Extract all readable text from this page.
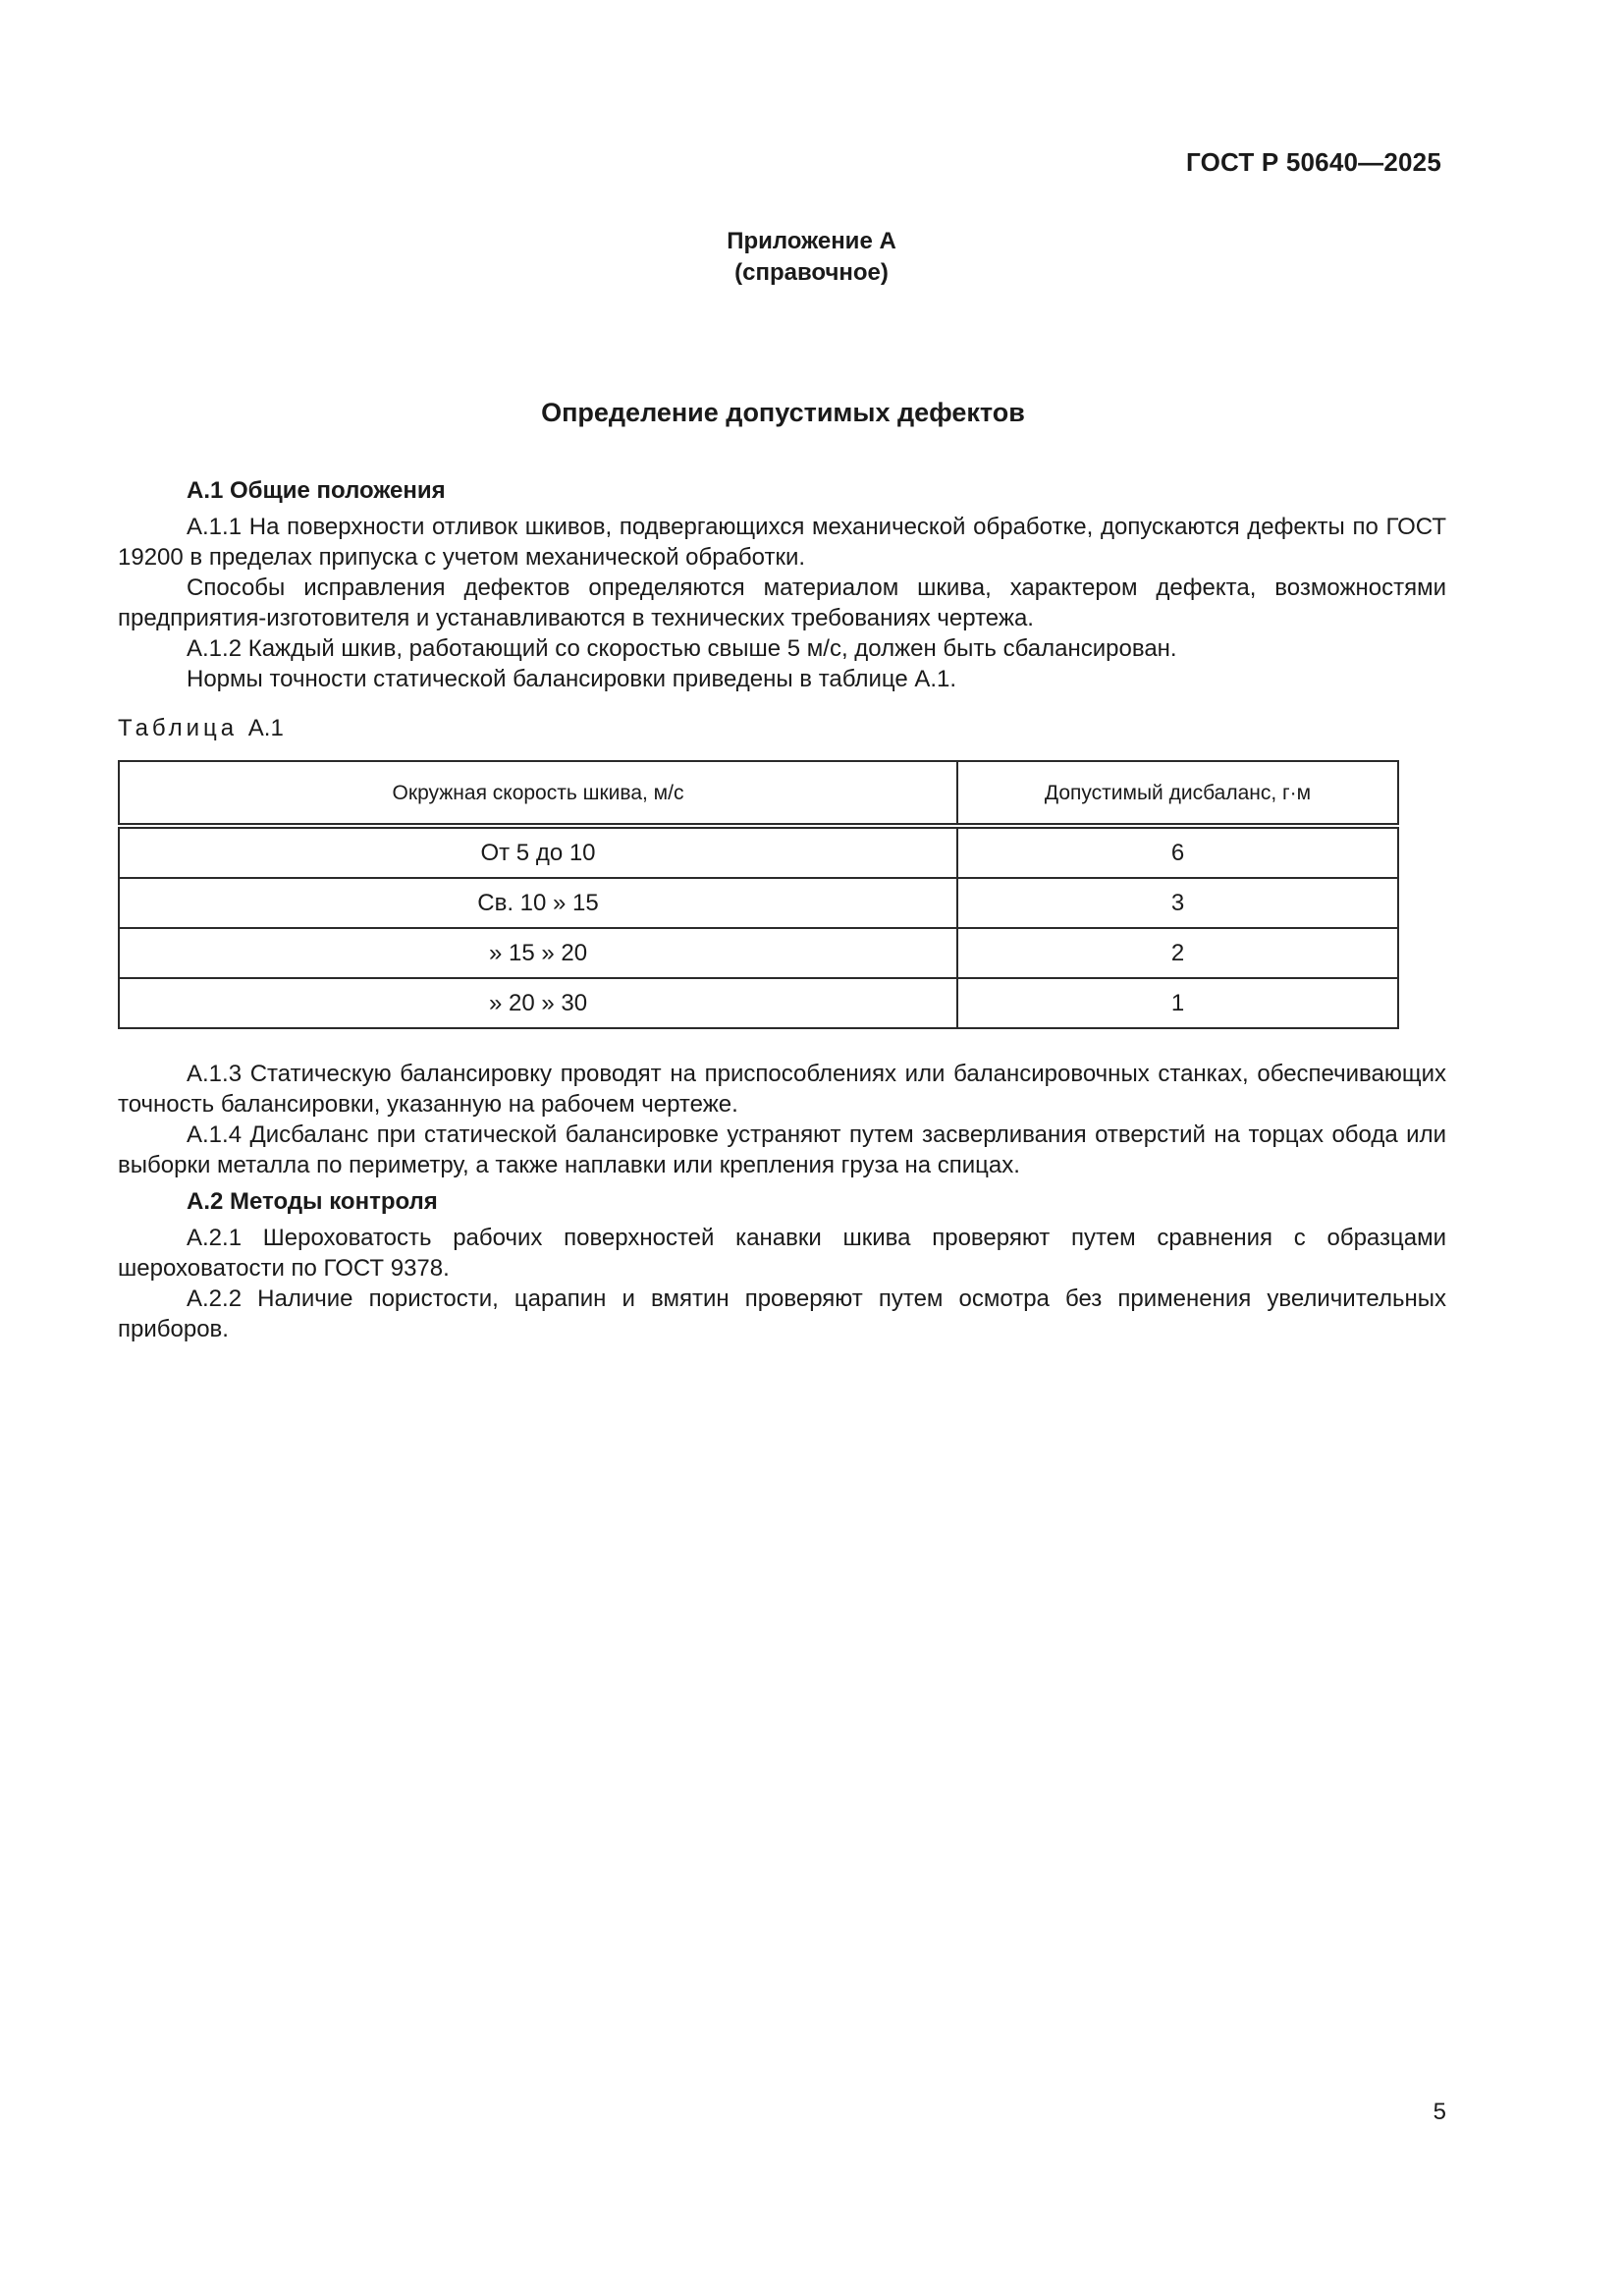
ГОСТ Р 50640—2025
Приложение А
(справочное)
Определение допустимых дефектов
А.1 Общие положения

А.1.1 На поверхности отливок шкивов, подвергающихся механической обработке, допускаются дефекты по ГОСТ 19200 в пределах припуска с учетом механической обработки.

Способы исправления дефектов определяются материалом шкива, характером дефекта, возможностями предприятия-изготовителя и устанавливаются в технических требованиях чертежа.

А.1.2 Каждый шкив, работающий со скоростью свыше 5 м/с, должен быть сбалансирован.

Нормы точности статической балансировки приведены в таблице А.1.

Таблица А.1
Окружная скорость шкива, м/с	Допустимый дисбаланс, г·м
От 5 до 10	6
Св. 10 » 15	3
» 15 » 20	2
» 20 » 30	1

А.1.3 Статическую балансировку проводят на приспособлениях или балансировочных станках, обеспечивающих точность балансировки, указанную на рабочем чертеже.

А.1.4 Дисбаланс при статической балансировке устраняют путем засверливания отверстий на торцах обода или выборки металла по периметру, а также наплавки или крепления груза на спицах.

А.2 Методы контроля

А.2.1 Шероховатость рабочих поверхностей канавки шкива проверяют путем сравнения с образцами шероховатости по ГОСТ 9378.

А.2.2 Наличие пористости, царапин и вмятин проверяют путем осмотра без применения увеличительных приборов.

5
